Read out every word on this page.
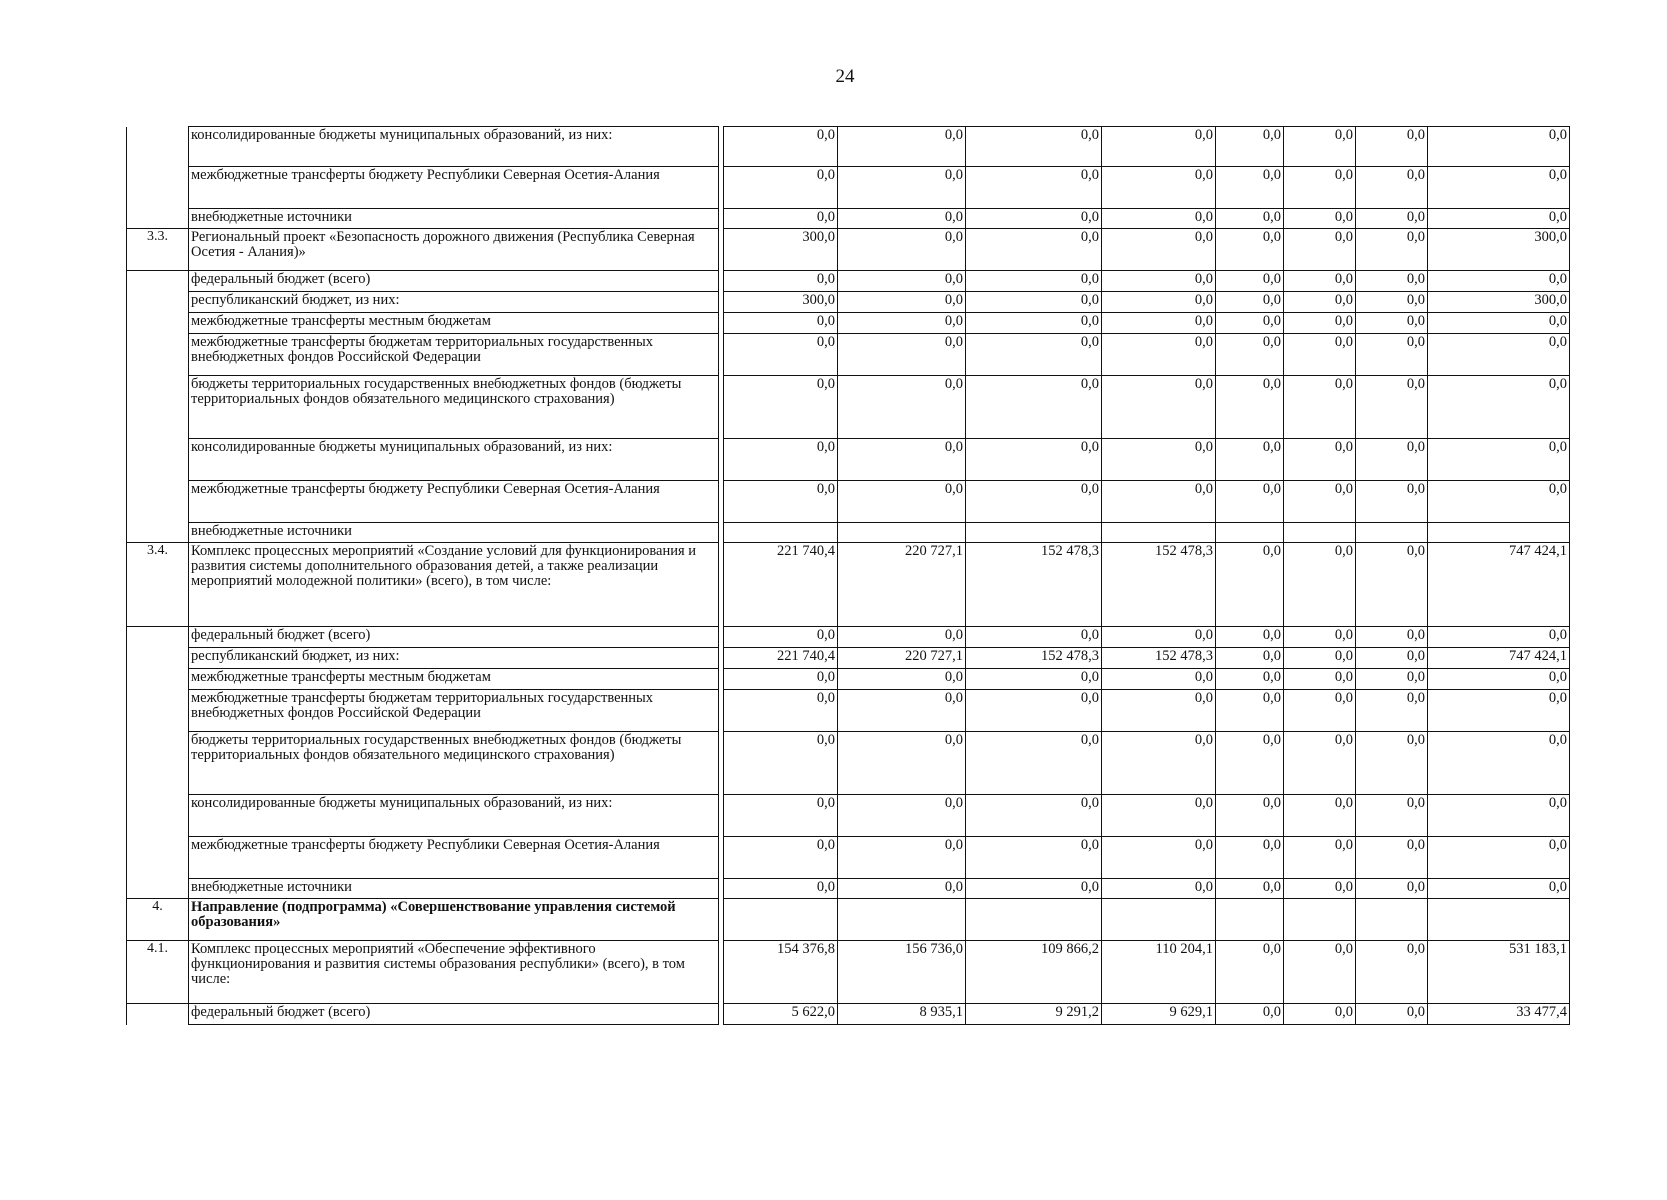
24
	консолидированные бюджеты муниципальных образований, из них:		0,0	0,0	0,0	0,0	0,0	0,0	0,0	0,0
	межбюджетные трансферты бюджету Республики Северная Осетия-Алания		0,0	0,0	0,0	0,0	0,0	0,0	0,0	0,0
	внебюджетные источники		0,0	0,0	0,0	0,0	0,0	0,0	0,0	0,0
3.3.	Региональный проект «Безопасность дорожного движения (Республика Северная Осетия - Алания)»		300,0	0,0	0,0	0,0	0,0	0,0	0,0	300,0
	федеральный бюджет (всего)		0,0	0,0	0,0	0,0	0,0	0,0	0,0	0,0
	республиканский бюджет, из них:		300,0	0,0	0,0	0,0	0,0	0,0	0,0	300,0
	межбюджетные трансферты местным бюджетам		0,0	0,0	0,0	0,0	0,0	0,0	0,0	0,0
	межбюджетные трансферты бюджетам территориальных государственных внебюджетных фондов Российской Федерации		0,0	0,0	0,0	0,0	0,0	0,0	0,0	0,0
	бюджеты территориальных государственных внебюджетных фондов (бюджеты территориальных фондов обязательного медицинского страхования)		0,0	0,0	0,0	0,0	0,0	0,0	0,0	0,0
	консолидированные бюджеты муниципальных образований, из них:		0,0	0,0	0,0	0,0	0,0	0,0	0,0	0,0
	межбюджетные трансферты бюджету Республики Северная Осетия-Алания		0,0	0,0	0,0	0,0	0,0	0,0	0,0	0,0
	внебюджетные источники									
3.4.	Комплекс процессных мероприятий «Создание условий для функционирования и развития системы дополнительного образования детей, а также реализации мероприятий молодежной политики» (всего), в том числе:		221 740,4	220 727,1	152 478,3	152 478,3	0,0	0,0	0,0	747 424,1
	федеральный бюджет (всего)		0,0	0,0	0,0	0,0	0,0	0,0	0,0	0,0
	республиканский бюджет, из них:		221 740,4	220 727,1	152 478,3	152 478,3	0,0	0,0	0,0	747 424,1
	межбюджетные трансферты местным бюджетам		0,0	0,0	0,0	0,0	0,0	0,0	0,0	0,0
	межбюджетные трансферты бюджетам территориальных государственных внебюджетных фондов Российской Федерации		0,0	0,0	0,0	0,0	0,0	0,0	0,0	0,0
	бюджеты территориальных государственных внебюджетных фондов (бюджеты территориальных фондов обязательного медицинского страхования)		0,0	0,0	0,0	0,0	0,0	0,0	0,0	0,0
	консолидированные бюджеты муниципальных образований, из них:		0,0	0,0	0,0	0,0	0,0	0,0	0,0	0,0
	межбюджетные трансферты бюджету Республики Северная Осетия-Алания		0,0	0,0	0,0	0,0	0,0	0,0	0,0	0,0
	внебюджетные источники		0,0	0,0	0,0	0,0	0,0	0,0	0,0	0,0
4.	Направление (подпрограмма) «Совершенствование управления системой образования»									
4.1.	Комплекс процессных мероприятий «Обеспечение эффективного функционирования и развития системы образования республики» (всего), в том числе:		154 376,8	156 736,0	109 866,2	110 204,1	0,0	0,0	0,0	531 183,1
	федеральный бюджет (всего)		5 622,0	8 935,1	9 291,2	9 629,1	0,0	0,0	0,0	33 477,4
